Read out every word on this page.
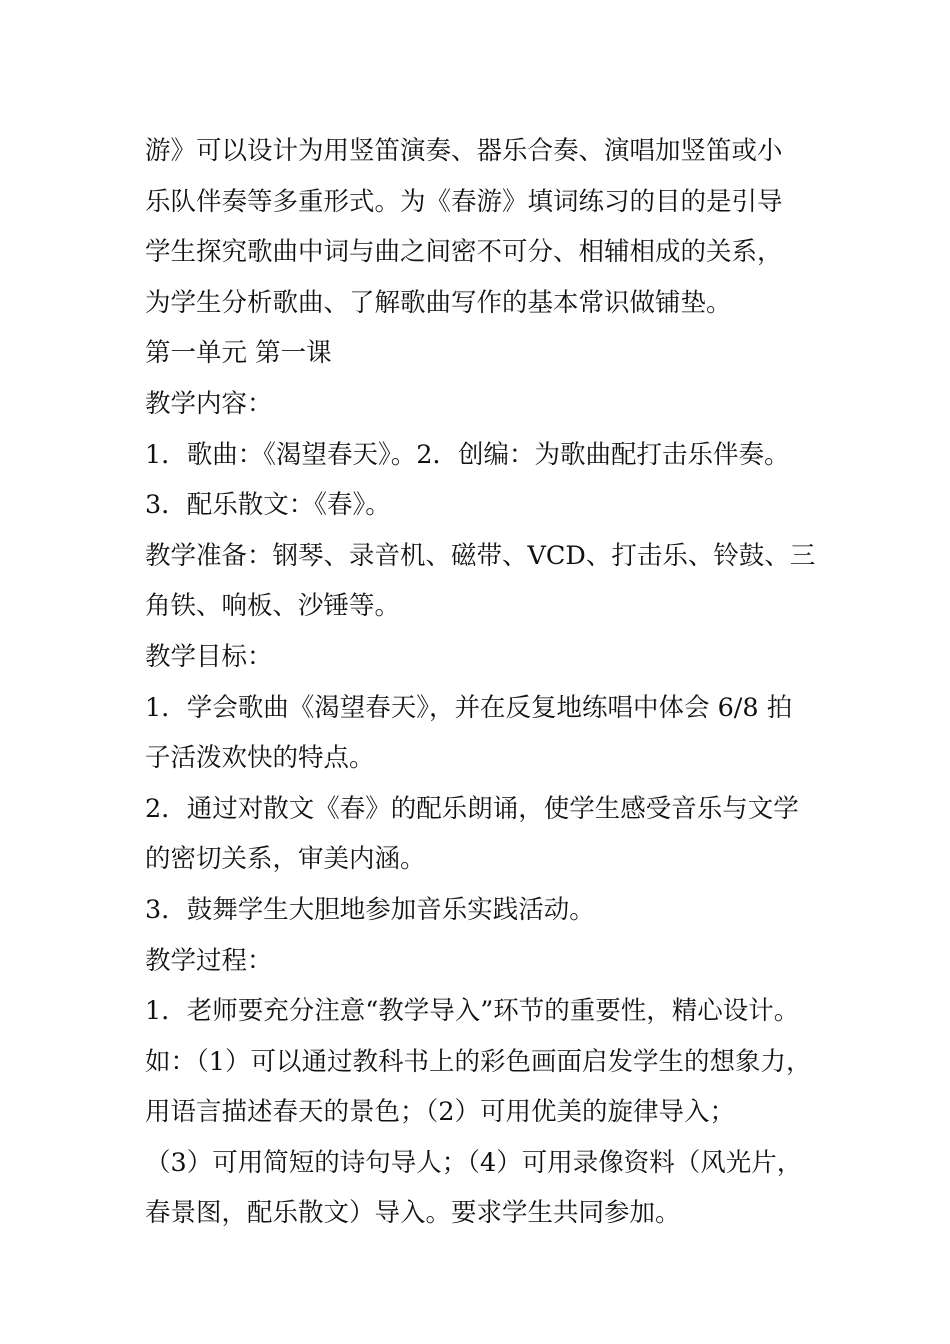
游》可以设计为用竖笛演奏、器乐合奏、演唱加竖笛或小
乐队伴奏等多重形式。为《春游》填词练习的目的是引导
学生探究歌曲中词与曲之间密不可分、相辅相成的关系，
为学生分析歌曲、了解歌曲写作的基本常识做铺垫。
第一单元 第一课
教学内容：
1．歌曲：《渴望春天》。2．创编：为歌曲配打击乐伴奏。
3．配乐散文：《春》。
教学准备：钢琴、录音机、磁带、VCD、打击乐、铃鼓、三
角铁、响板、沙锤等。
教学目标：
1．学会歌曲《渴望春天》，并在反复地练唱中体会 6/8 拍
子活泼欢快的特点。
2．通过对散文《春》的配乐朗诵，使学生感受音乐与文学
的密切关系，审美内涵。
3．鼓舞学生大胆地参加音乐实践活动。
教学过程：
1．老师要充分注意“教学导入”环节的重要性，精心设计。
如：（1）可以通过教科书上的彩色画面启发学生的想象力，
用语言描述春天的景色；（2）可用优美的旋律导入；
（3）可用简短的诗句导人；（4）可用录像资料（风光片，
春景图，配乐散文）导入。要求学生共同参加。
